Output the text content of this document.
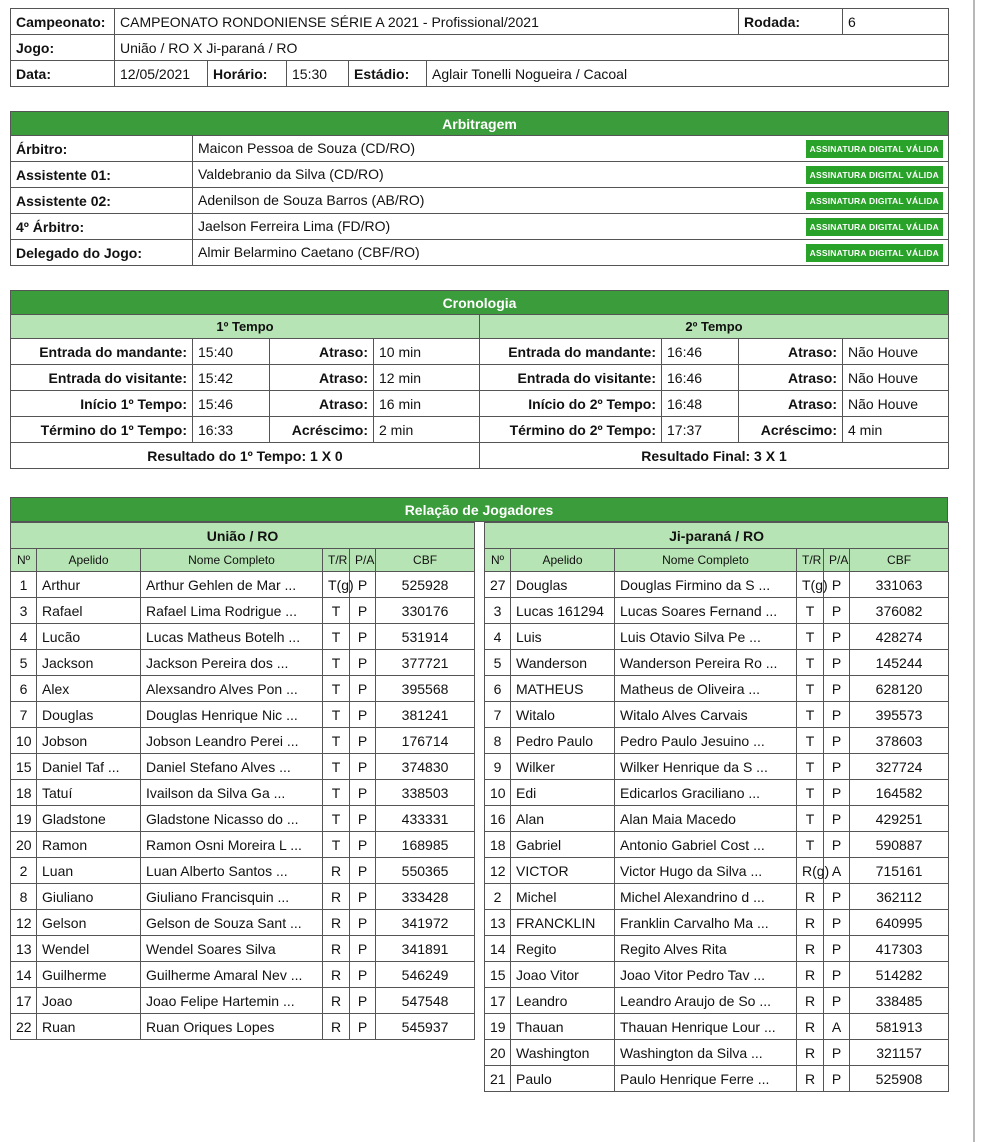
Campeonato:	CAMPEONATO RONDONIENSE SÉRIE A 2021 - Profissional/2021					Rodada:	6
Jogo:	União / RO X Ji-paraná / RO						
Data:	12/05/2021	Horário:	15:30	Estádio:	Aglair Tonelli Nogueira / Cacoal		
Arbitragem	
Árbitro:	Maicon Pessoa de Souza (CD/RO) ASSINATURA DIGITAL VÁLIDA

Assistente 01:	Valdebranio da Silva (CD/RO) ASSINATURA DIGITAL VÁLIDA

Assistente 02:	Adenilson de Souza Barros (AB/RO) ASSINATURA DIGITAL VÁLIDA

4º Árbitro:	Jaelson Ferreira Lima (FD/RO) ASSINATURA DIGITAL VÁLIDA

Delegado do Jogo:	Almir Belarmino Caetano (CBF/RO) ASSINATURA DIGITAL VÁLIDA
Cronologia							
1º Tempo				2º Tempo			
Entrada do mandante:	15:40	Atraso:	10 min	Entrada do mandante:	16:46	Atraso:	Não Houve
Entrada do visitante:	15:42	Atraso:	12 min	Entrada do visitante:	16:46	Atraso:	Não Houve
Início 1º Tempo:	15:46	Atraso:	16 min	Início do 2º Tempo:	16:48	Atraso:	Não Houve
Término do 1º Tempo:	16:33	Acréscimo:	2 min	Término do 2º Tempo:	17:37	Acréscimo:	4 min
Resultado do 1º Tempo: 1 X 0				Resultado Final: 3 X 1			
Relação de Jogadores
União / RO					
Nº	Apelido	Nome Completo	T/R	P/A	CBF
1	Arthur	Arthur Gehlen de Mar ...	T(g)	P	525928
3	Rafael	Rafael Lima Rodrigue ...	T	P	330176
4	Lucão	Lucas Matheus Botelh ...	T	P	531914
5	Jackson	Jackson Pereira dos ...	T	P	377721
6	Alex	Alexsandro Alves Pon ...	T	P	395568
7	Douglas	Douglas Henrique Nic ...	T	P	381241
10	Jobson	Jobson Leandro Perei ...	T	P	176714
15	Daniel Taf ...	Daniel Stefano Alves ...	T	P	374830
18	Tatuí	Ivailson da Silva Ga ...	T	P	338503
19	Gladstone	Gladstone Nicasso do ...	T	P	433331
20	Ramon	Ramon Osni Moreira L ...	T	P	168985
2	Luan	Luan Alberto Santos ...	R	P	550365
8	Giuliano	Giuliano Francisquin ...	R	P	333428
12	Gelson	Gelson de Souza Sant ...	R	P	341972
13	Wendel	Wendel Soares Silva	R	P	341891
14	Guilherme	Guilherme Amaral Nev ...	R	P	546249
17	Joao	Joao Felipe Hartemin ...	R	P	547548
22	Ruan	Ruan Oriques Lopes	R	P	545937
Ji-paraná / RO					
Nº	Apelido	Nome Completo	T/R	P/A	CBF
27	Douglas	Douglas Firmino da S ...	T(g)	P	331063
3	Lucas 161294	Lucas Soares Fernand ...	T	P	376082
4	Luis	Luis Otavio Silva Pe ...	T	P	428274
5	Wanderson	Wanderson Pereira Ro ...	T	P	145244
6	MATHEUS	Matheus de Oliveira ...	T	P	628120
7	Witalo	Witalo Alves Carvais	T	P	395573
8	Pedro Paulo	Pedro Paulo Jesuino ...	T	P	378603
9	Wilker	Wilker Henrique da S ...	T	P	327724
10	Edi	Edicarlos Graciliano ...	T	P	164582
16	Alan	Alan Maia Macedo	T	P	429251
18	Gabriel	Antonio Gabriel Cost ...	T	P	590887
12	VICTOR	Victor Hugo da Silva ...	R(g)	A	715161
2	Michel	Michel Alexandrino d ...	R	P	362112
13	FRANCKLIN	Franklin Carvalho Ma ...	R	P	640995
14	Regito	Regito Alves Rita	R	P	417303
15	Joao Vitor	Joao Vitor Pedro Tav ...	R	P	514282
17	Leandro	Leandro Araujo de So ...	R	P	338485
19	Thauan	Thauan Henrique Lour ...	R	A	581913
20	Washington	Washington da Silva ...	R	P	321157
21	Paulo	Paulo Henrique Ferre ...	R	P	525908
